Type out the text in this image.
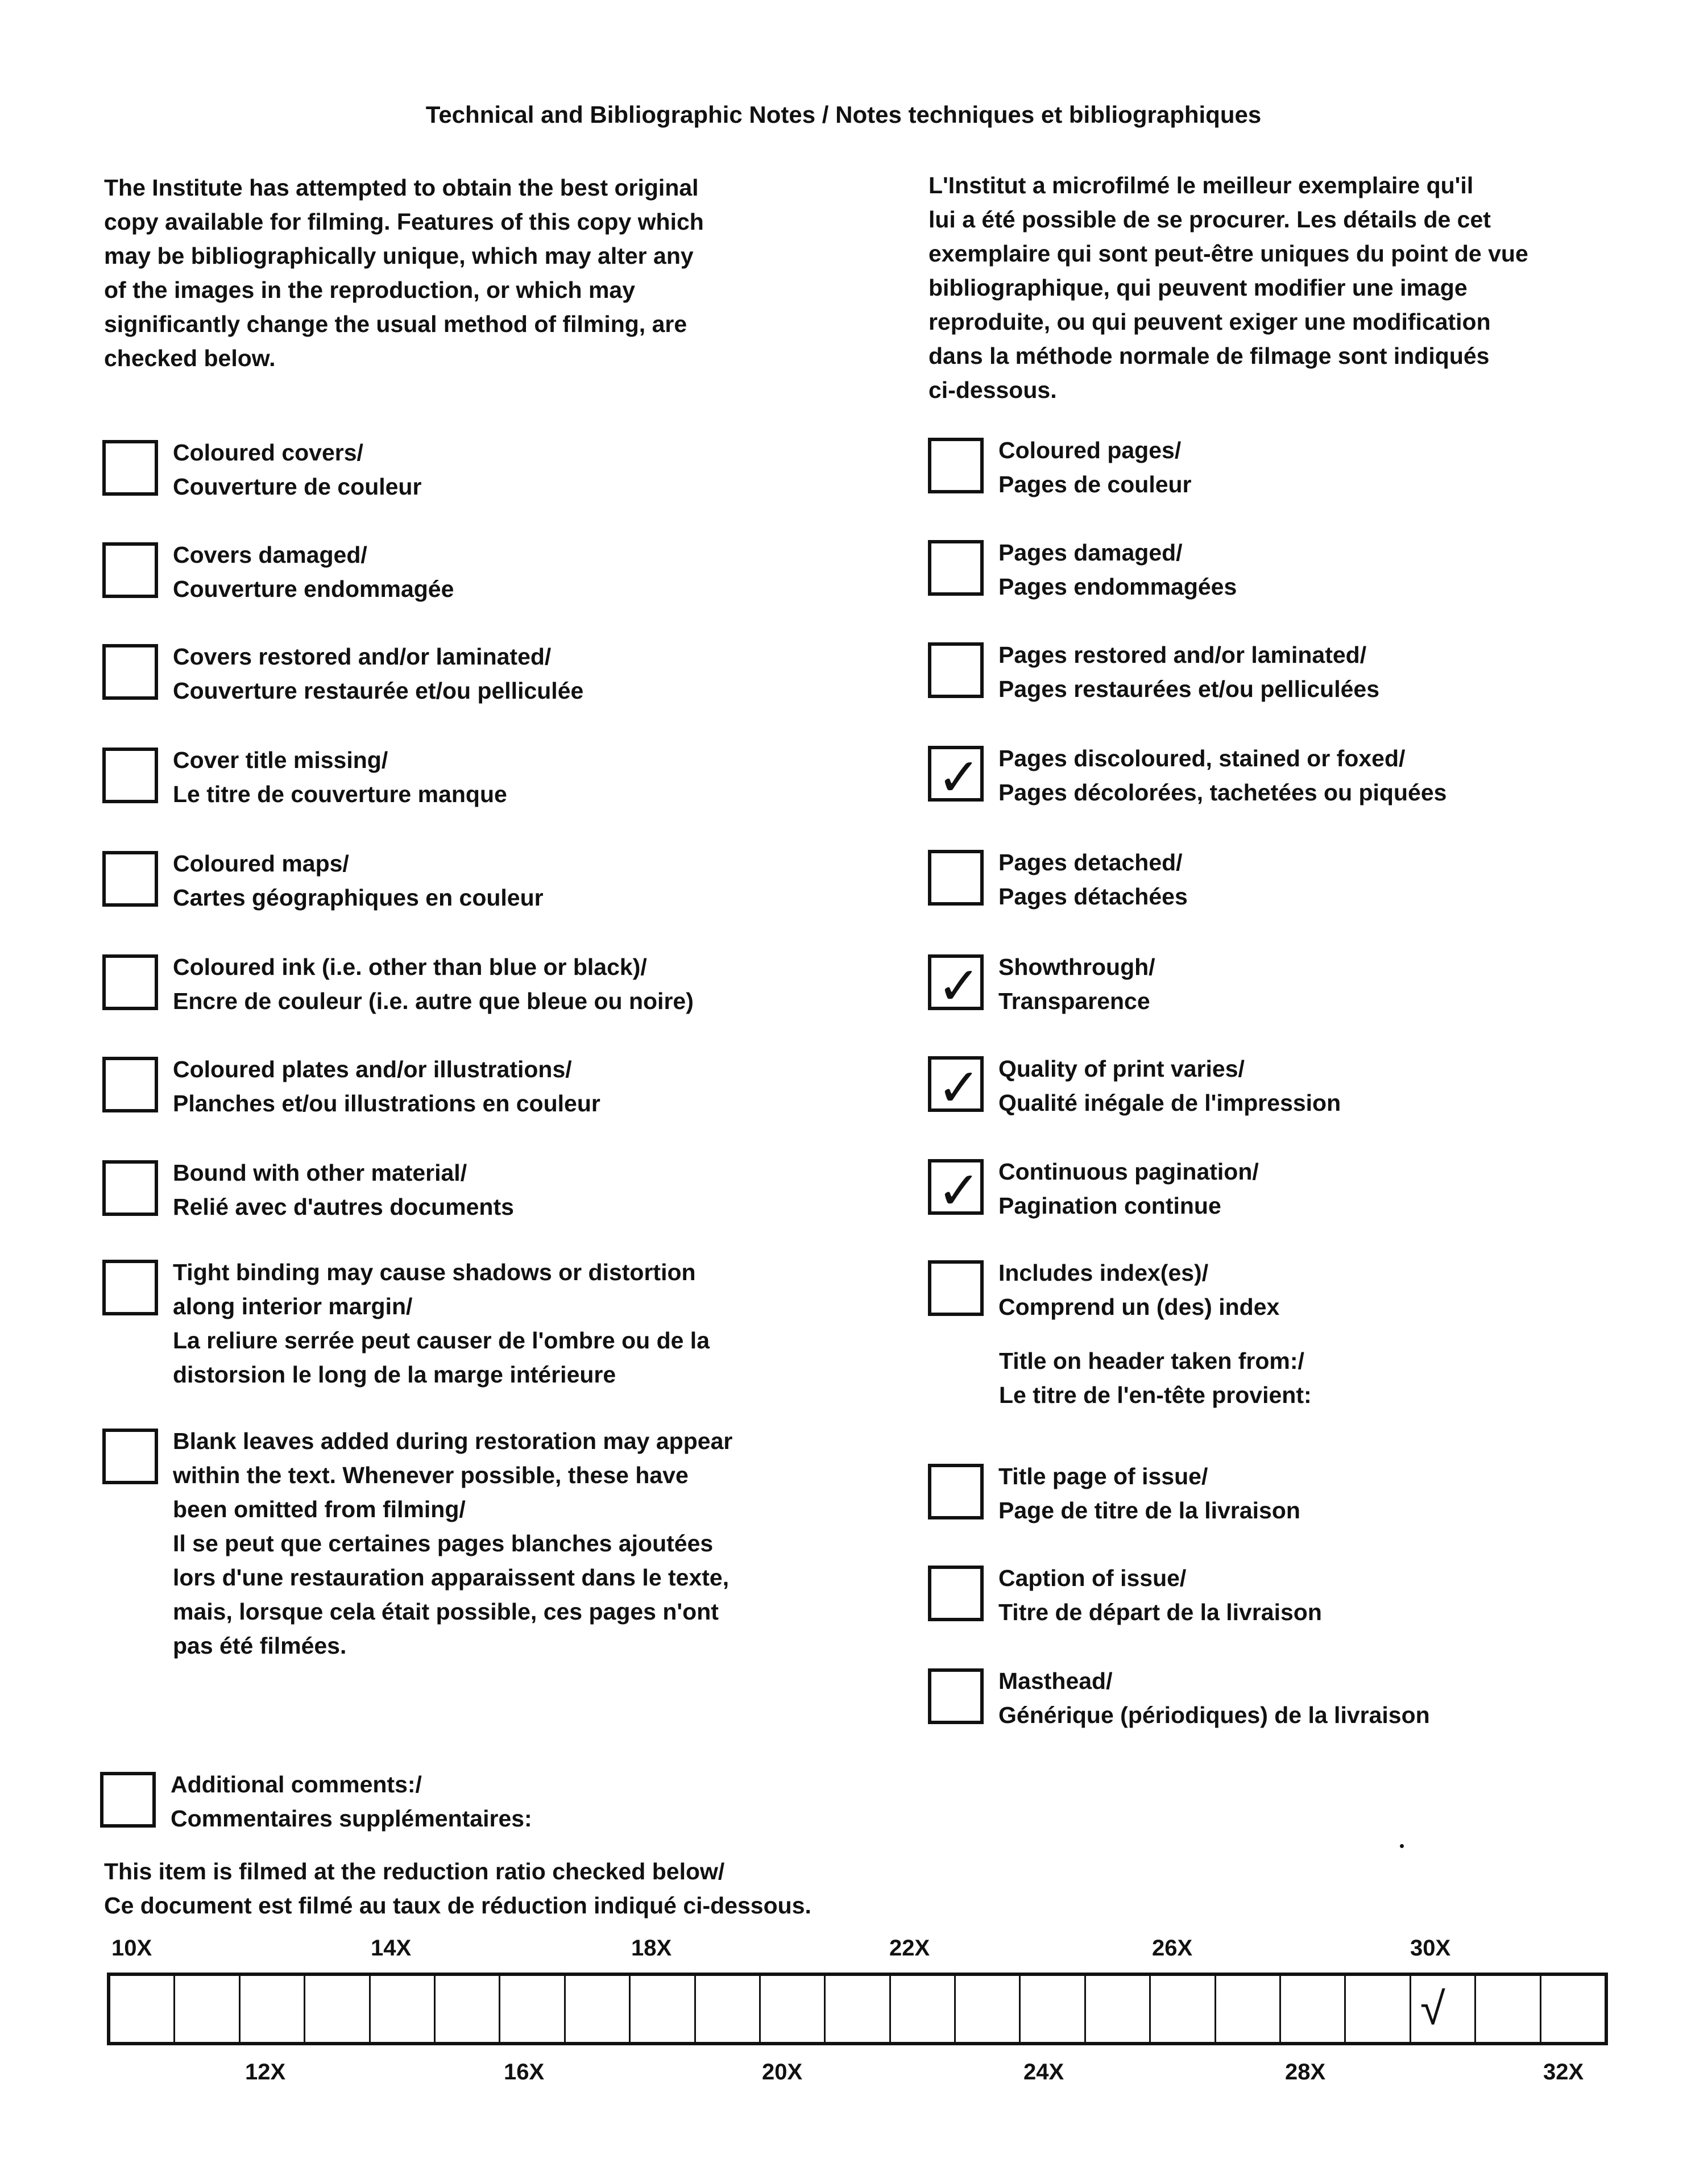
Technical and Bibliographic Notes / Notes techniques et bibliographiques
The Institute has attempted to obtain the best original
copy available for filming. Features of this copy which
may be bibliographically unique, which may alter any
of the images in the reproduction, or which may
significantly change the usual method of filming, are
checked below.
L'Institut a microfilmé le meilleur exemplaire qu'il
lui a été possible de se procurer. Les détails de cet
exemplaire qui sont peut-être uniques du point de vue
bibliographique, qui peuvent modifier une image
reproduite, ou qui peuvent exiger une modification
dans la méthode normale de filmage sont indiqués
ci-dessous.
Coloured covers/
Couverture de couleur
Covers damaged/
Couverture endommagée
Covers restored and/or laminated/
Couverture restaurée et/ou pelliculée
Cover title missing/
Le titre de couverture manque
Coloured maps/
Cartes géographiques en couleur
Coloured ink (i.e. other than blue or black)/
Encre de couleur (i.e. autre que bleue ou noire)
Coloured plates and/or illustrations/
Planches et/ou illustrations en couleur
Bound with other material/
Relié avec d'autres documents
Tight binding may cause shadows or distortion
along interior margin/
La reliure serrée peut causer de l'ombre ou de la
distorsion le long de la marge intérieure
Blank leaves added during restoration may appear
within the text. Whenever possible, these have
been omitted from filming/
Il se peut que certaines pages blanches ajoutées
lors d'une restauration apparaissent dans le texte,
mais, lorsque cela était possible, ces pages n'ont
pas été filmées.
Coloured pages/
Pages de couleur
Pages damaged/
Pages endommagées
Pages restored and/or laminated/
Pages restaurées et/ou pelliculées
✓ Pages discoloured, stained or foxed/
Pages décolorées, tachetées ou piquées
Pages detached/
Pages détachées
✓ Showthrough/
Transparence
✓ Quality of print varies/
Qualité inégale de l'impression
✓ Continuous pagination/
Pagination continue
Includes index(es)/
Comprend un (des) index
Title page of issue/
Page de titre de la livraison
Caption of issue/
Titre de départ de la livraison
Masthead/
Générique (périodiques) de la livraison
Title on header taken from:/
Le titre de l'en-tête provient:
Additional comments:/
Commentaires supplémentaires:
This item is filmed at the reduction ratio checked below/
Ce document est filmé au taux de réduction indiqué ci-dessous.
10X	14X	18X	22X	26X	30X
√
12X	16X	20X	24X	28X	32X
